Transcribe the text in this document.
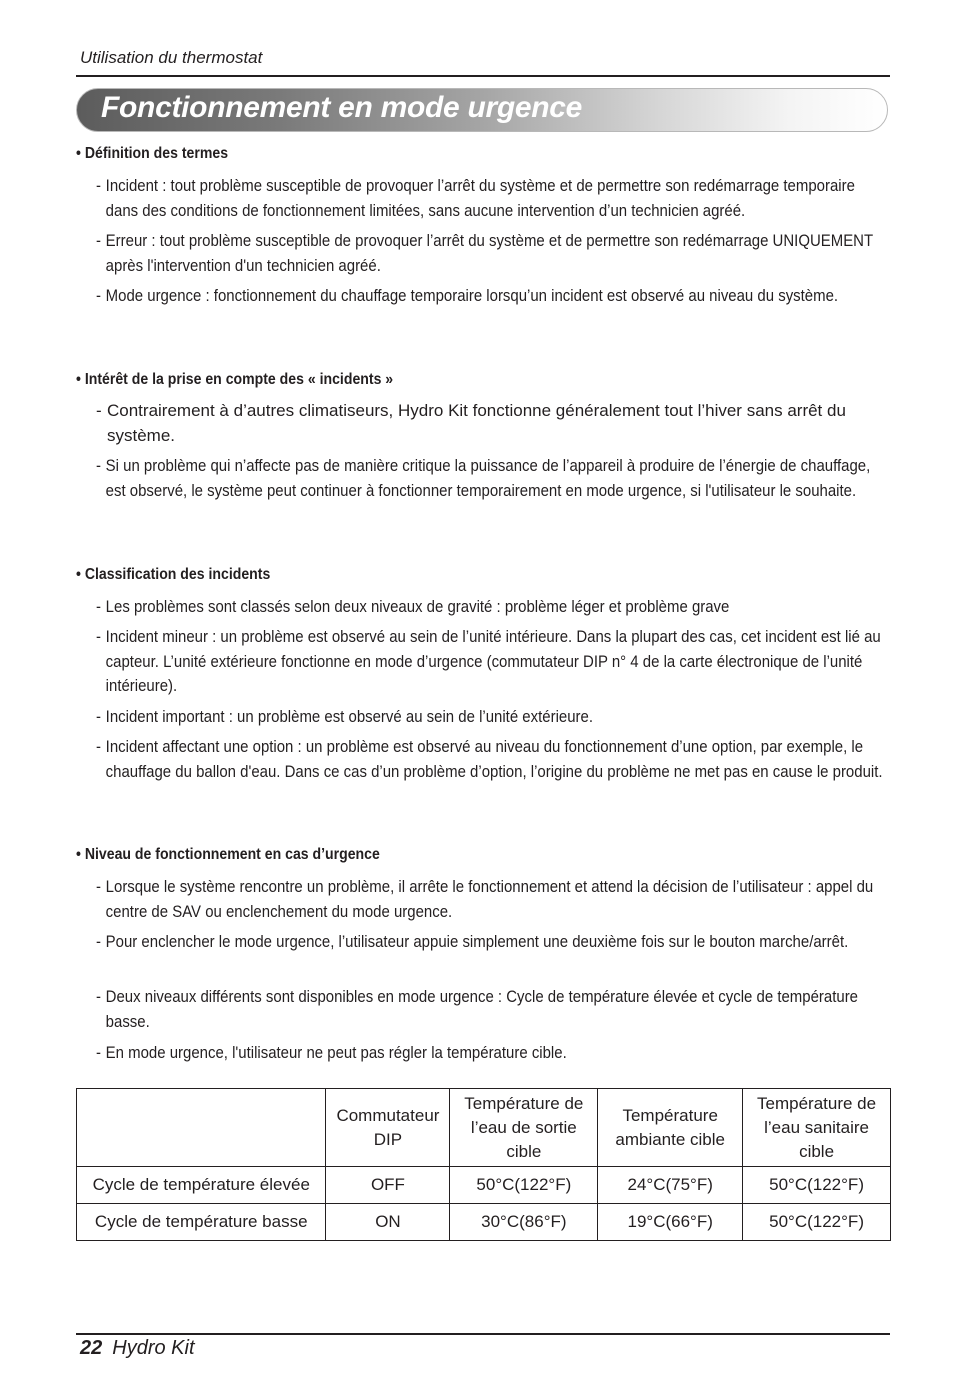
Utilisation du thermostat
Fonctionnement en mode urgence
• Définition des termes
- Incident : tout problème susceptible de provoquer l’arrêt du système et de permettre son redémarrage temporaire dans des conditions de fonctionnement limitées, sans aucune intervention d’un technicien agréé.
- Erreur : tout problème susceptible de provoquer l’arrêt du système et de permettre son redémarrage UNIQUEMENT après l'intervention d'un technicien agréé.
- Mode urgence : fonctionnement du chauffage temporaire lorsqu’un incident est observé au niveau du système.
• Intérêt de la prise en compte des « incidents »
- Contrairement à d’autres climatiseurs, Hydro Kit fonctionne généralement tout l’hiver sans arrêt du système.
- Si un problème qui n’affecte pas de manière critique la puissance de l’appareil à produire de l’énergie de chauffage, est observé, le système peut continuer à fonctionner temporairement en mode urgence, si l'utilisateur le souhaite.
• Classification des incidents
- Les problèmes sont classés selon deux niveaux de gravité : problème léger et problème grave
- Incident mineur : un problème est observé au sein de l’unité intérieure. Dans la plupart des cas, cet incident est lié au capteur. L’unité extérieure fonctionne en mode d’urgence (commutateur DIP n° 4 de la carte électronique de l’unité intérieure).
- Incident important : un problème est observé au sein de l’unité extérieure.
- Incident affectant une option : un problème est observé au niveau du fonctionnement d’une option, par exemple, le chauffage du ballon d'eau. Dans ce cas d’un problème d’option, l’origine du problème ne met pas en cause le produit.
• Niveau de fonctionnement en cas d’urgence
- Lorsque le système rencontre un problème, il arrête le fonctionnement et attend la décision de l’utilisateur : appel du centre de SAV ou enclenchement du mode urgence.
- Pour enclencher le mode urgence, l’utilisateur appuie simplement une deuxième fois sur le bouton marche/arrêt.
- Deux niveaux différents sont disponibles en mode urgence : Cycle de température élevée et cycle de température basse.
- En mode urgence, l'utilisateur ne peut pas régler la température cible.
	Commutateur DIP	Température de l’eau de sortie cible	Température ambiante cible	Température de l’eau sanitaire cible
Cycle de température élevée	OFF	50°C(122°F)	24°C(75°F)	50°C(122°F)
Cycle de température basse	ON	30°C(86°F)	19°C(66°F)	50°C(122°F)
22 Hydro Kit
